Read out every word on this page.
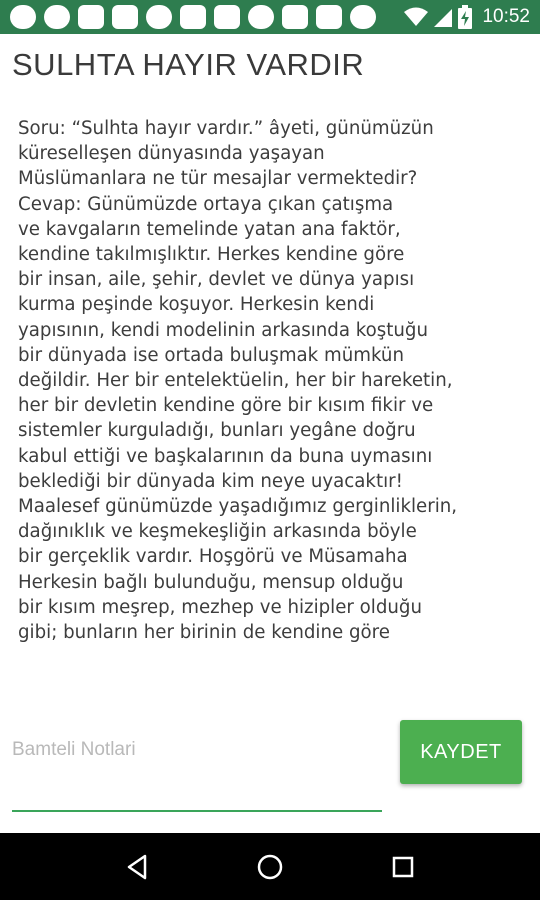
10:52
SULHTA HAYIR VARDIR
Soru: “Sulhta hayır vardır.” âyeti, günümüzün
küreselleşen dünyasında yaşayan
Müslümanlara ne tür mesajlar vermektedir?
Cevap: Günümüzde ortaya çıkan çatışma
ve kavgaların temelinde yatan ana faktör,
kendine takılmışlıktır. Herkes kendine göre
bir insan, aile, şehir, devlet ve dünya yapısı
kurma peşinde koşuyor. Herkesin kendi
yapısının, kendi modelinin arkasında koştuğu
bir dünyada ise ortada buluşmak mümkün
değildir. Her bir entelektüelin, her bir hareketin,
her bir devletin kendine göre bir kısım fikir ve
sistemler kurguladığı, bunları yegâne doğru
kabul ettiği ve başkalarının da buna uymasını
beklediği bir dünyada kim neye uyacaktır!
Maalesef günümüzde yaşadığımız gerginliklerin,
dağınıklık ve keşmekeşliğin arkasında böyle
bir gerçeklik vardır. Hoşgörü ve Müsamaha
Herkesin bağlı bulunduğu, mensup olduğu
bir kısım meşrep, mezhep ve hizipler olduğu
gibi; bunların her birinin de kendine göre
Bamteli Notlari
KAYDET
